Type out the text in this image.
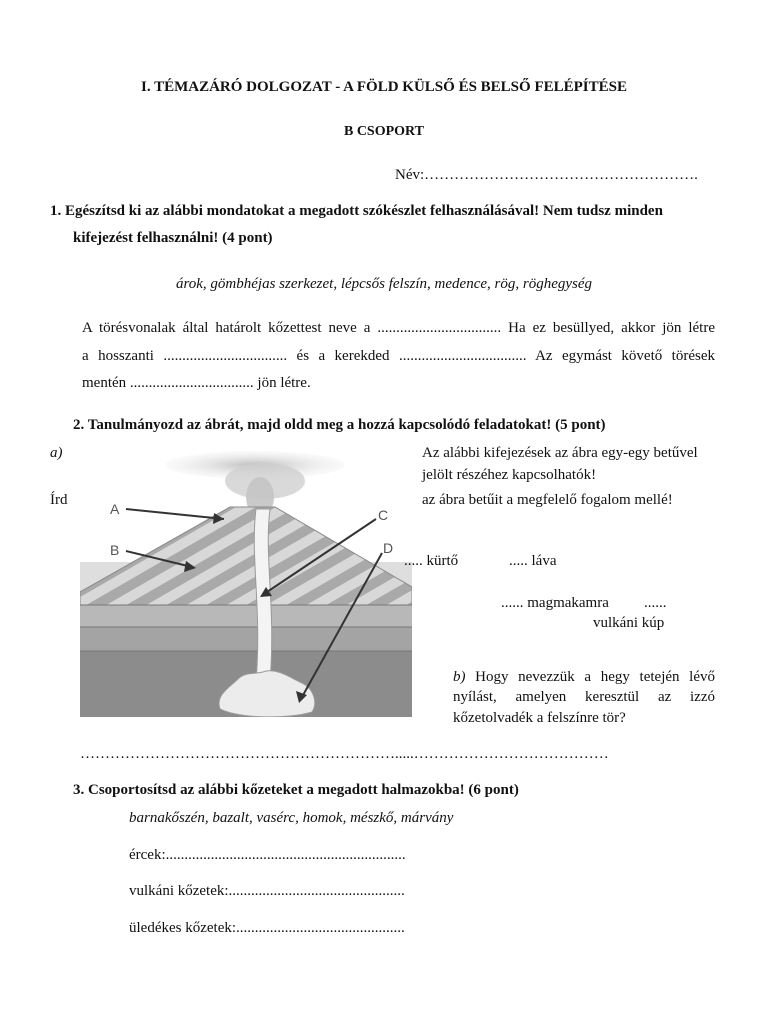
I. TÉMAZÁRÓ DOLGOZAT - A FÖLD KÜLSŐ ÉS BELSŐ FELÉPÍTÉSE
B CSOPORT
Név:……………………………………………….
1. Egészítsd ki az alábbi mondatokat a megadott szókészlet felhasználásával! Nem tudsz minden
kifejezést felhasználni! (4 pont)
árok, gömbhéjas szerkezet, lépcsős felszín, medence, rög, röghegység
A törésvonalak által határolt kőzettest neve a ................................. Ha ez besüllyed, akkor jön létre
a hosszanti ................................. és a kerekded .................................. Az egymást követő törések
mentén ................................. jön létre.
2. Tanulmányozd az ábrát, majd oldd meg a hozzá kapcsolódó feladatokat! (5 pont)
a)
Írd
A
B
C
D
Az alábbi kifejezések az ábra egy-egy betűvel
jelölt részéhez kapcsolhatók!
az ábra betűit a megfelelő fogalom mellé!
..... kürtő	..... láva
...... magmakamra ......
vulkáni kúp
b) Hogy nevezzük a hegy tetején lévő
nyílást, amelyen keresztül az izzó
kőzetolvadék a felszínre tör?
……………………………………………………….....…………………………………
3. Csoportosítsd az alábbi kőzeteket a megadott halmazokba! (6 pont)
barnakőszén, bazalt, vasérc, homok, mészkő, márvány
ércek:................................................................
vulkáni kőzetek:...............................................
üledékes kőzetek:.............................................
